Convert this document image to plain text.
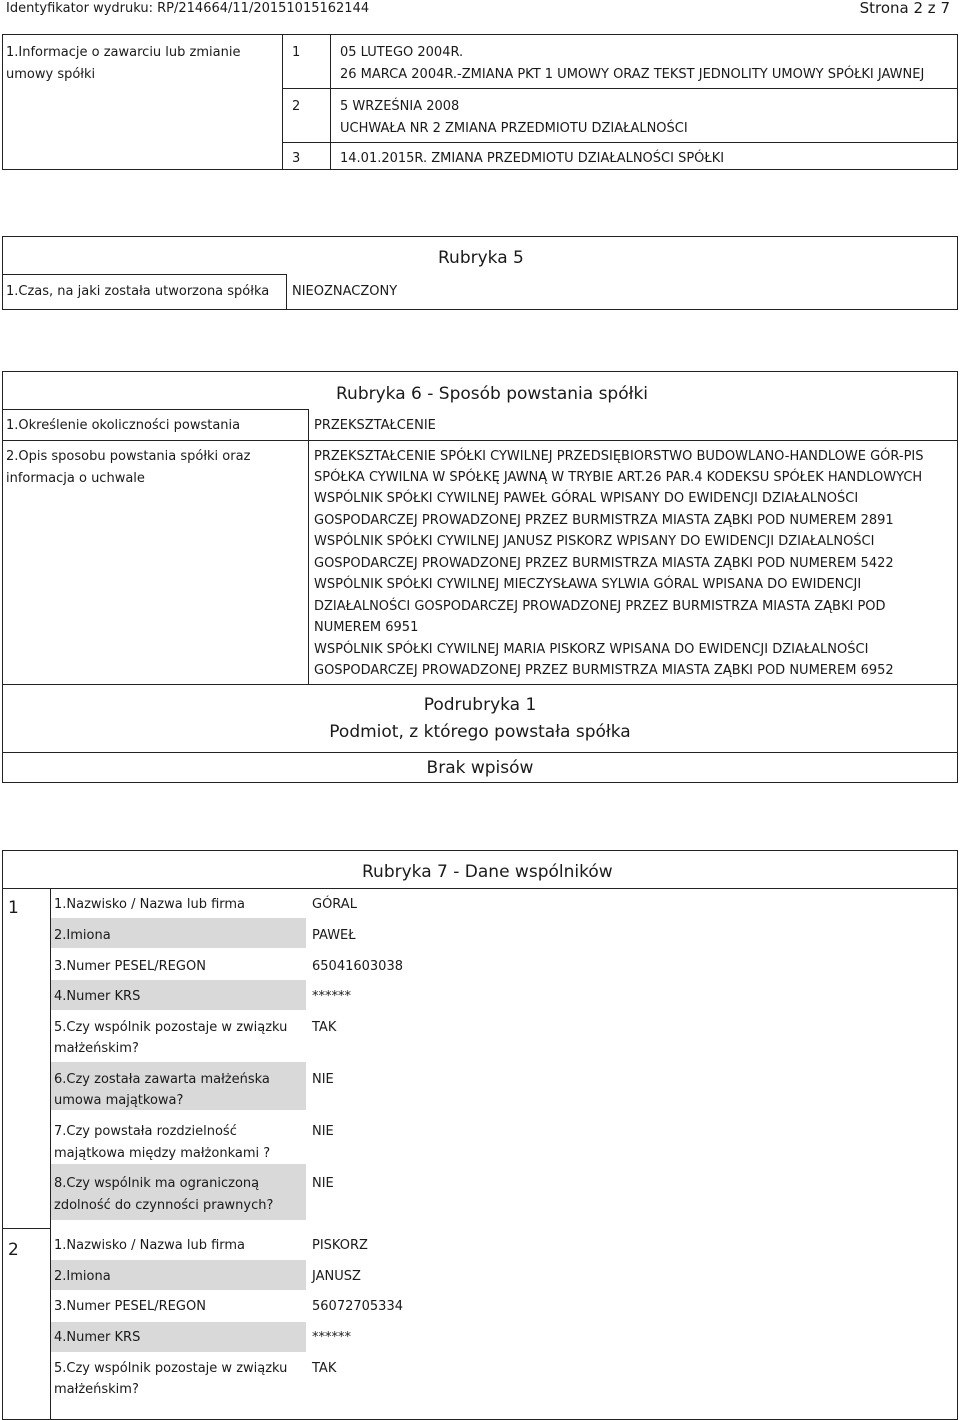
Identyfikator wydruku: RP/214664/11/20151015162144	Strona 2 z 7
1.Informacje o zawarciu lub zmianie
umowy spółki
1	05 LUTEGO 2004R.
26 MARCA 2004R.-ZMIANA PKT 1 UMOWY ORAZ TEKST JEDNOLITY UMOWY SPÓŁKI JAWNEJ
2	5 WRZEŚNIA 2008
UCHWAŁA NR 2 ZMIANA PRZEDMIOTU DZIAŁALNOŚCI
3	14.01.2015R. ZMIANA PRZEDMIOTU DZIAŁALNOŚCI SPÓŁKI
Rubryka 5
1.Czas, na jaki została utworzona spółka NIEOZNACZONY
Rubryka 6 - Sposób powstania spółki
1.Określenie okoliczności powstania	PRZEKSZTAŁCENIE
2.Opis sposobu powstania spółki oraz
informacja o uchwale
PRZEKSZTAŁCENIE SPÓŁKI CYWILNEJ PRZEDSIĘBIORSTWO BUDOWLANO-HANDLOWE GÓR-PIS
SPÓŁKA CYWILNA W SPÓŁKĘ JAWNĄ W TRYBIE ART.26 PAR.4 KODEKSU SPÓŁEK HANDLOWYCH
WSPÓLNIK SPÓŁKI CYWILNEJ PAWEŁ GÓRAL WPISANY DO EWIDENCJI DZIAŁALNOŚCI
GOSPODARCZEJ PROWADZONEJ PRZEZ BURMISTRZA MIASTA ZĄBKI POD NUMEREM 2891
WSPÓLNIK SPÓŁKI CYWILNEJ JANUSZ PISKORZ WPISANY DO EWIDENCJI DZIAŁALNOŚCI
GOSPODARCZEJ PROWADZONEJ PRZEZ BURMISTRZA MIASTA ZĄBKI POD NUMEREM 5422
WSPÓLNIK SPÓŁKI CYWILNEJ MIECZYSŁAWA SYLWIA GÓRAL WPISANA DO EWIDENCJI
DZIAŁALNOŚCI GOSPODARCZEJ PROWADZONEJ PRZEZ BURMISTRZA MIASTA ZĄBKI POD
NUMEREM 6951
WSPÓLNIK SPÓŁKI CYWILNEJ MARIA PISKORZ WPISANA DO EWIDENCJI DZIAŁALNOŚCI
GOSPODARCZEJ PROWADZONEJ PRZEZ BURMISTRZA MIASTA ZĄBKI POD NUMEREM 6952
Podrubryka 1
Podmiot, z którego powstała spółka
Brak wpisów
Rubryka 7 - Dane wspólników
1	1.Nazwisko / Nazwa lub firma	GÓRAL
2.Imiona	PAWEŁ
3.Numer PESEL/REGON	65041603038
4.Numer KRS	******
5.Czy wspólnik pozostaje w związku
małżeńskim?
TAK
6.Czy została zawarta małżeńska
umowa majątkowa?
NIE
7.Czy powstała rozdzielność
majątkowa między małżonkami ?
NIE
8.Czy wspólnik ma ograniczoną
zdolność do czynności prawnych?
NIE
2	1.Nazwisko / Nazwa lub firma	PISKORZ
2.Imiona	JANUSZ
3.Numer PESEL/REGON	56072705334
4.Numer KRS	******
5.Czy wspólnik pozostaje w związku
małżeńskim?
TAK
